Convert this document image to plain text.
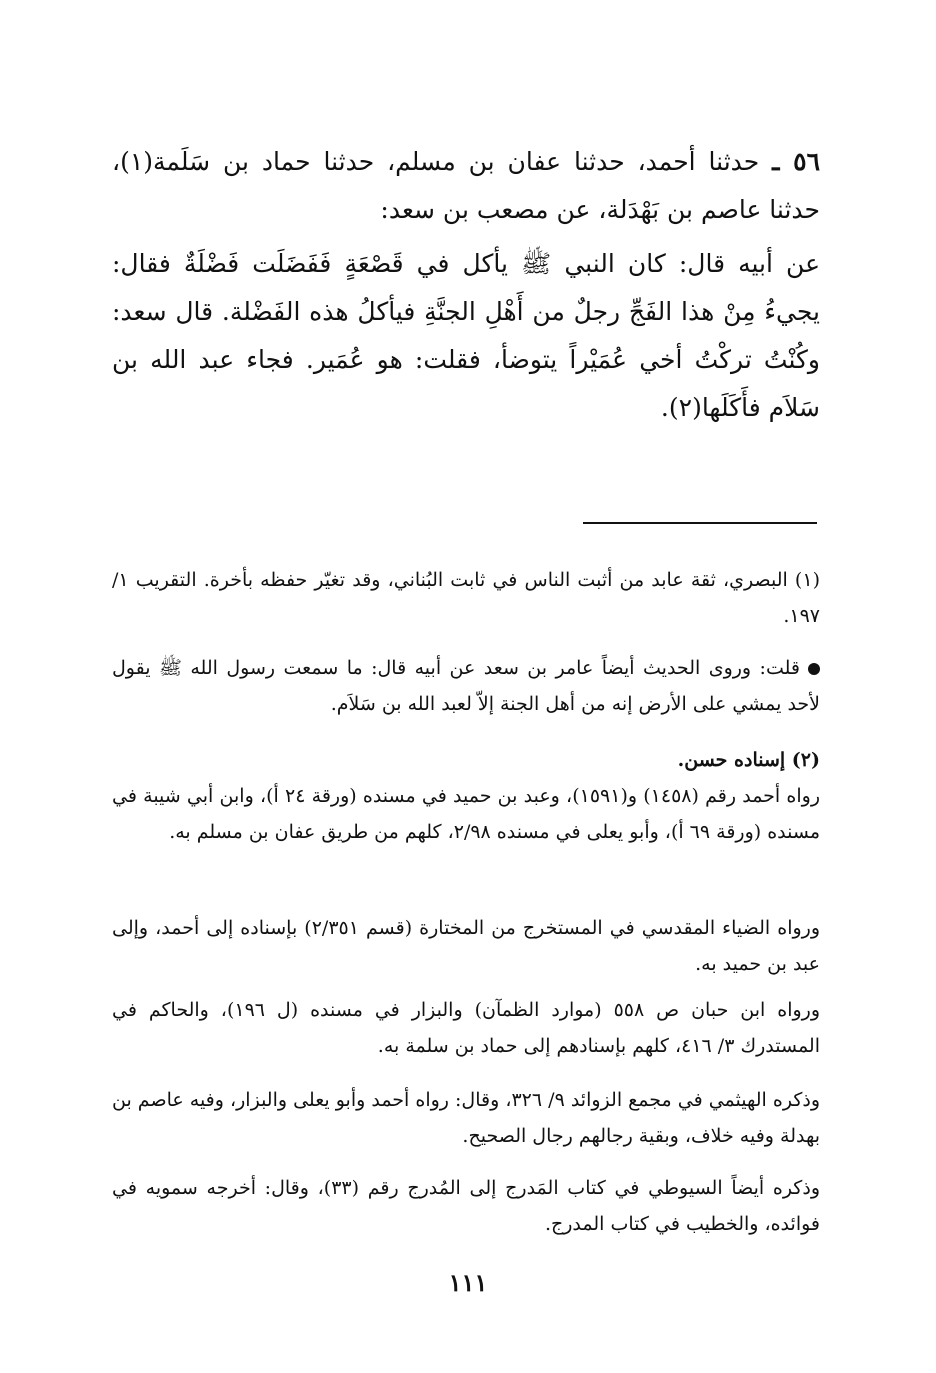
٥٦ ـ حدثنا أحمد، حدثنا عفان بن مسلم، حدثنا حماد بن سَلَمة(١)، حدثنا عاصم بن بَهْدَلة، عن مصعب بن سعد:
عن أبيه قال: كان النبي ﷺ يأكل في قَصْعَةٍ فَفَضَلَت فَضْلَةٌ فقال: يجيءُ مِنْ هذا الفَجِّ رجلٌ من أَهْلِ الجنَّةِ فيأكلُ هذه الفَضْلة. قال سعد: وكُنْتُ تركْتُ أخي عُمَيْراً يتوضأ، فقلت: هو عُمَير. فجاء عبد الله بن سَلاَم فأَكَلَها(٢).
(١) البصري، ثقة عابد من أثبت الناس في ثابت البُناني، وقد تغيّر حفظه بأخرة. التقريب ١/ ١٩٧.
قلت: وروى الحديث أيضاً عامر بن سعد عن أبيه قال: ما سمعت رسول الله ﷺ يقول لأحد يمشي على الأرض إنه من أهل الجنة إلاّ لعبد الله بن سَلاَم.
(٢) إسناده حسن.
رواه أحمد رقم (١٤٥٨) و(١٥٩١)، وعبد بن حميد في مسنده (ورقة ٢٤ أ)، وابن أبي شيبة في مسنده (ورقة ٦٩ أ)، وأبو يعلى في مسنده ٢/٩٨، كلهم من طريق عفان بن مسلم به.
ورواه الضياء المقدسي في المستخرج من المختارة (قسم ٢/٣٥١) بإسناده إلى أحمد، وإلى عبد بن حميد به.
ورواه ابن حبان ص ٥٥٨ (موارد الظمآن) والبزار في مسنده (ل ١٩٦)، والحاكم في المستدرك ٣/ ٤١٦، كلهم بإسنادهم إلى حماد بن سلمة به.
وذكره الهيثمي في مجمع الزوائد ٩/ ٣٢٦، وقال: رواه أحمد وأبو يعلى والبزار، وفيه عاصم بن بهدلة وفيه خلاف، وبقية رجالهم رجال الصحيح.
وذكره أيضاً السيوطي في كتاب المَدرج إلى المُدرج رقم (٣٣)، وقال: أخرجه سمويه في فوائده، والخطيب في كتاب المدرج.
١١١
